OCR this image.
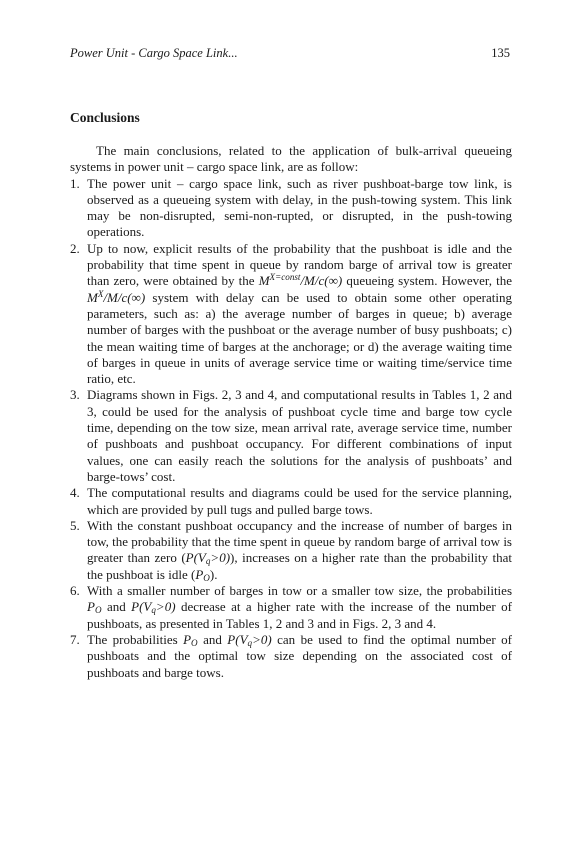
Power Unit - Cargo Space Link...	135
Conclusions

The main conclusions, related to the application of bulk-arrival queueing systems in power unit – cargo space link, are as follow:

1. The power unit – cargo space link, such as river pushboat-barge tow link, is observed as a queueing system with delay, in the push-towing system. This link may be non-disrupted, semi-non-rupted, or disrupted, in the push-towing operations.
2. Up to now, explicit results of the probability that the pushboat is idle and the probability that time spent in queue by random barge of arrival tow is greater than zero, were obtained by the $M^{X=const}/M/c(\infty)$ queueing system. However, the $M^X/M/c(\infty)$ system with delay can be used to obtain some other operating parameters, such as: a) the average number of barges in queue; b) average number of barges with the pushboat or the average number of busy pushboats; c) the mean waiting time of barges at the anchorage; or d) the average waiting time of barges in queue in units of average service time or waiting time/service time ratio, etc.
3. Diagrams shown in Figs. 2, 3 and 4, and computational results in Tables 1, 2 and 3, could be used for the analysis of pushboat cycle time and barge tow cycle time, depending on the tow size, mean arrival rate, average service time, number of pushboats and pushboat occupancy. For different combinations of input values, one can easily reach the solutions for the analysis of pushboats’ and barge-tows’ cost.
4. The computational results and diagrams could be used for the service planning, which are provided by pull tugs and pulled barge tows.
5. With the constant pushboat occupancy and the increase of number of barges in tow, the probability that the time spent in queue by random barge of arrival tow is greater than zero $(P(V_q>0))$, increases on a higher rate than the probability that the pushboat is idle $(P_O)$.
6. With a smaller number of barges in tow or a smaller tow size, the probabilities $P_O$ and $P(V_q>0)$ decrease at a higher rate with the increase of the number of pushboats, as presented in Tables 1, 2 and 3 and in Figs. 2, 3 and 4.
7. The probabilities $P_O$ and $P(V_q>0)$ can be used to find the optimal number of pushboats and the optimal tow size depending on the associated cost of pushboats and barge tows.
